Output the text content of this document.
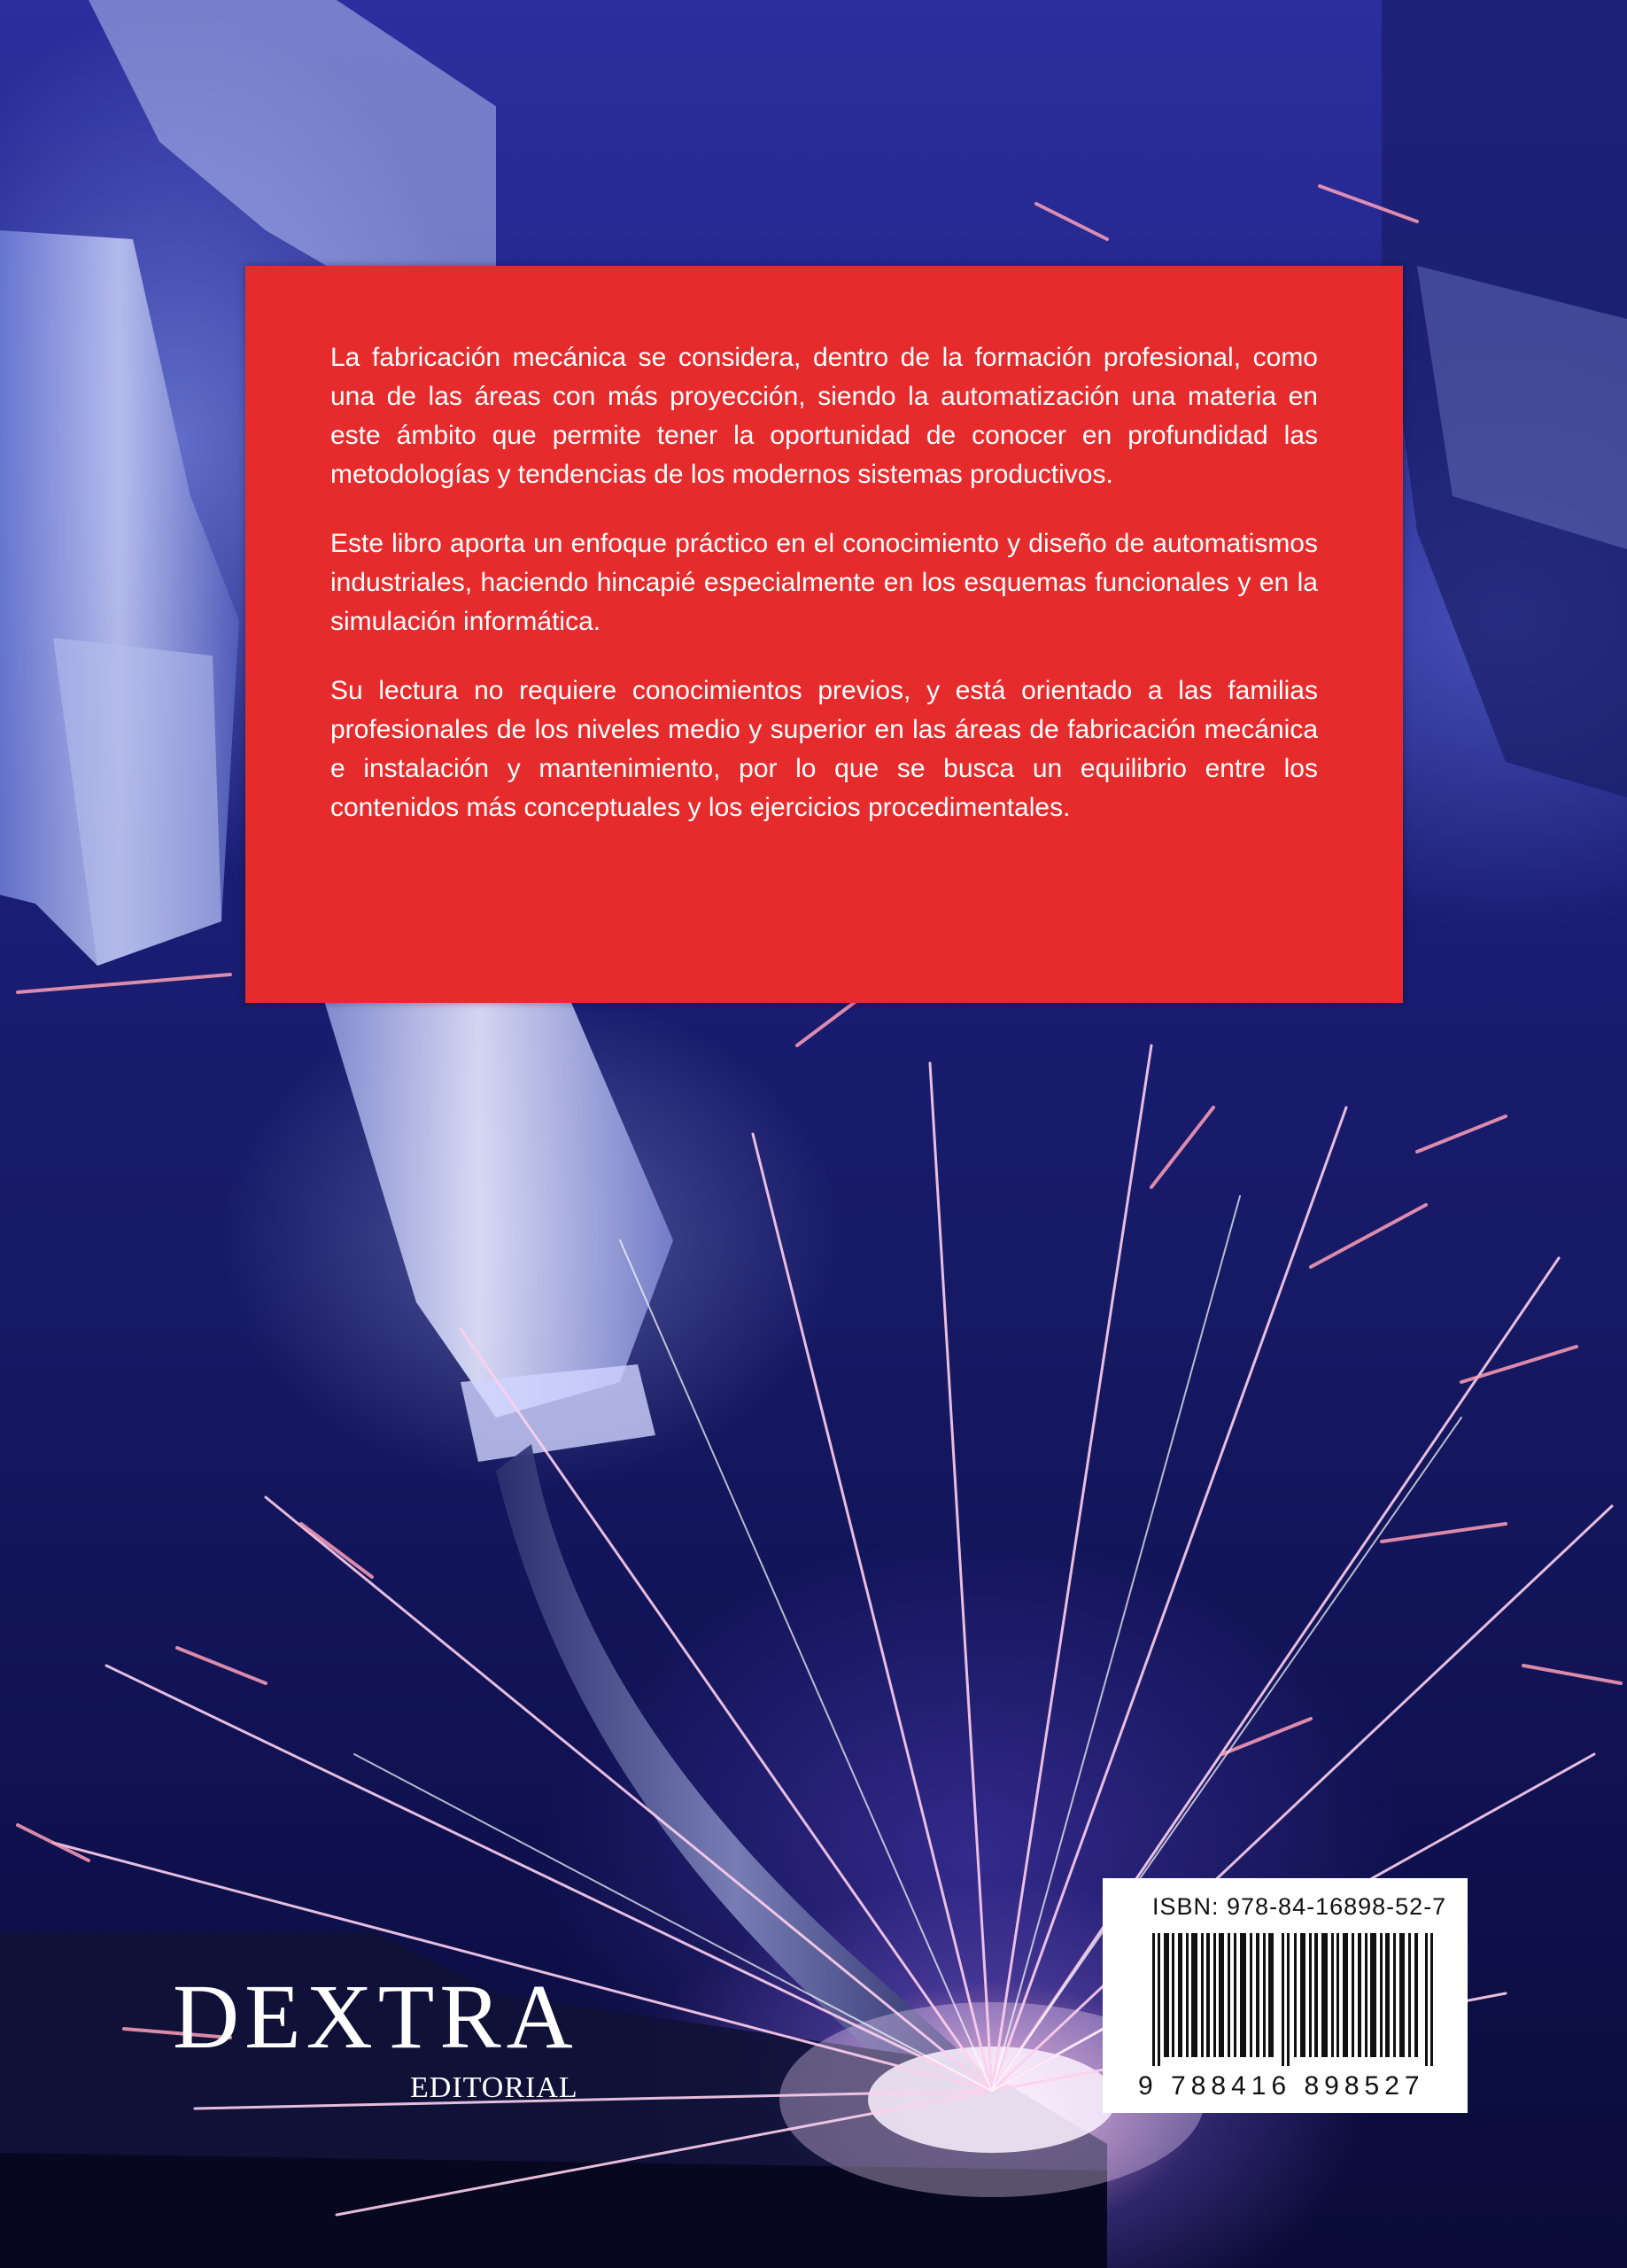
La fabricación mecánica se considera, dentro de la formación profesional, como una de las áreas con más proyección, siendo la automatización una materia en este ámbito que permite tener la oportunidad de conocer en profundidad las metodologías y tendencias de los modernos sistemas productivos.

Este libro aporta un enfoque práctico en el conocimiento y diseño de automatismos industriales, haciendo hincapié especialmente en los esquemas funcionales y en la simulación informática.

Su lectura no requiere conocimientos previos, y está orientado a las familias profesionales de los niveles medio y superior en las áreas de fabricación mecánica e instalación y mantenimiento, por lo que se busca un equilibrio entre los contenidos más conceptuales y los ejercicios procedimentales.

DEXTRA
EDITORIAL
ISBN: 978-84-16898-52-7
9 788416 898527
